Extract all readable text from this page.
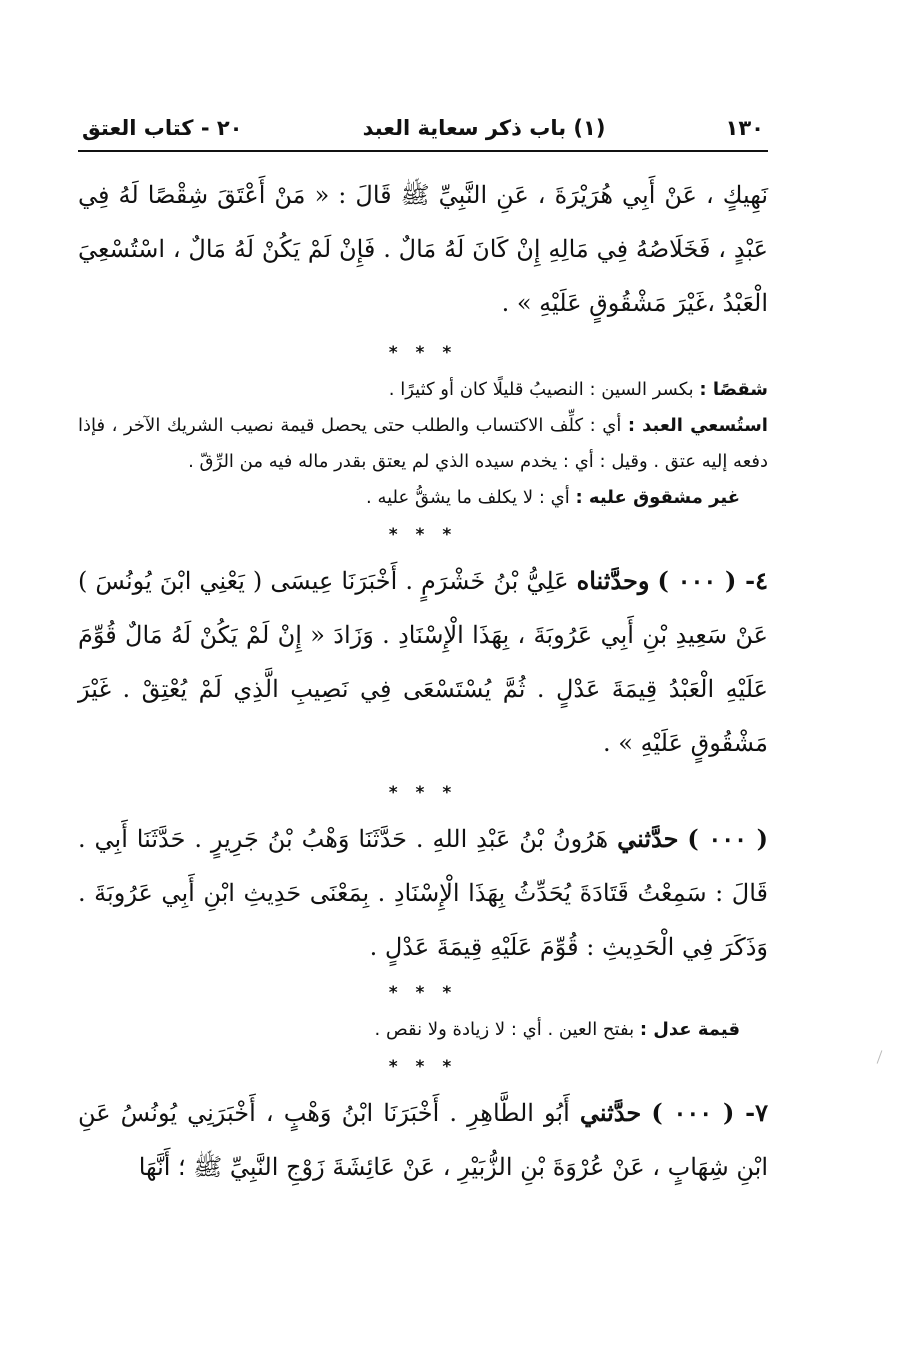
١٣٠
(١) باب ذكر سعاية العبد
٢٠ - كتاب العتق

نَهِيكٍ ، عَنْ أَبِي هُرَيْرَةَ ، عَنِ النَّبِيِّ ﷺ قَالَ : « مَنْ أَعْتَقَ شِقْصًا لَهُ فِي عَبْدٍ ، فَخَلَاصُهُ فِي مَالِهِ إِنْ كَانَ لَهُ مَالٌ . فَإِنْ لَمْ يَكُنْ لَهُ مَالٌ ، اسْتُسْعِيَ الْعَبْدُ ،غَيْرَ مَشْقُوقٍ عَلَيْهِ » .

* * *

شقصًا : بكسر السين : النصيبُ قليلًا كان أو كثيرًا .

استُسعي العبد : أي : كلِّف الاكتساب والطلب حتى يحصل قيمة نصيب الشريك الآخر ، فإذا دفعه إليه عتق . وقيل : أي : يخدم سيده الذي لم يعتق بقدر ماله فيه من الرِّقّ .

غير مشقوق عليه : أي : لا يكلف ما يشقُّ عليه .

* * *

٤- ( ٠٠٠ ) وحدَّثناه عَلِيُّ بْنُ خَشْرَمٍ . أَخْبَرَنَا عِيسَى ( يَعْنِي ابْنَ يُونُسَ ) عَنْ سَعِيدِ بْنِ أَبِي عَرُوبَةَ ، بِهَذَا الْإِسْنَادِ . وَزَادَ « إِنْ لَمْ يَكُنْ لَهُ مَالٌ قُوِّمَ عَلَيْهِ الْعَبْدُ قِيمَةَ عَدْلٍ . ثُمَّ يُسْتَسْعَى فِي نَصِيبِ الَّذِي لَمْ يُعْتِقْ . غَيْرَ مَشْقُوقٍ عَلَيْهِ » .

* * *

( ٠٠٠ ) حدَّثني هَرُونُ بْنُ عَبْدِ اللهِ . حَدَّثَنَا وَهْبُ بْنُ جَرِيرٍ . حَدَّثَنَا أَبِي . قَالَ : سَمِعْتُ قَتَادَةَ يُحَدِّثُ بِهَذَا الْإِسْنَادِ . بِمَعْنَى حَدِيثِ ابْنِ أَبِي عَرُوبَةَ . وَذَكَرَ فِي الْحَدِيثِ : قُوِّمَ عَلَيْهِ قِيمَةَ عَدْلٍ .

* * *

قيمة عدل : بفتح العين . أي : لا زيادة ولا نقص .

* * *

٧- ( ٠٠٠ ) حدَّثني أَبُو الطَّاهِرِ . أَخْبَرَنَا ابْنُ وَهْبٍ ، أَخْبَرَنِي يُونُسُ عَنِ ابْنِ شِهَابٍ ، عَنْ عُرْوَةَ بْنِ الزُّبَيْرِ ، عَنْ عَائِشَةَ زَوْجِ النَّبِيِّ ﷺ ؛ أَنَّهَا
